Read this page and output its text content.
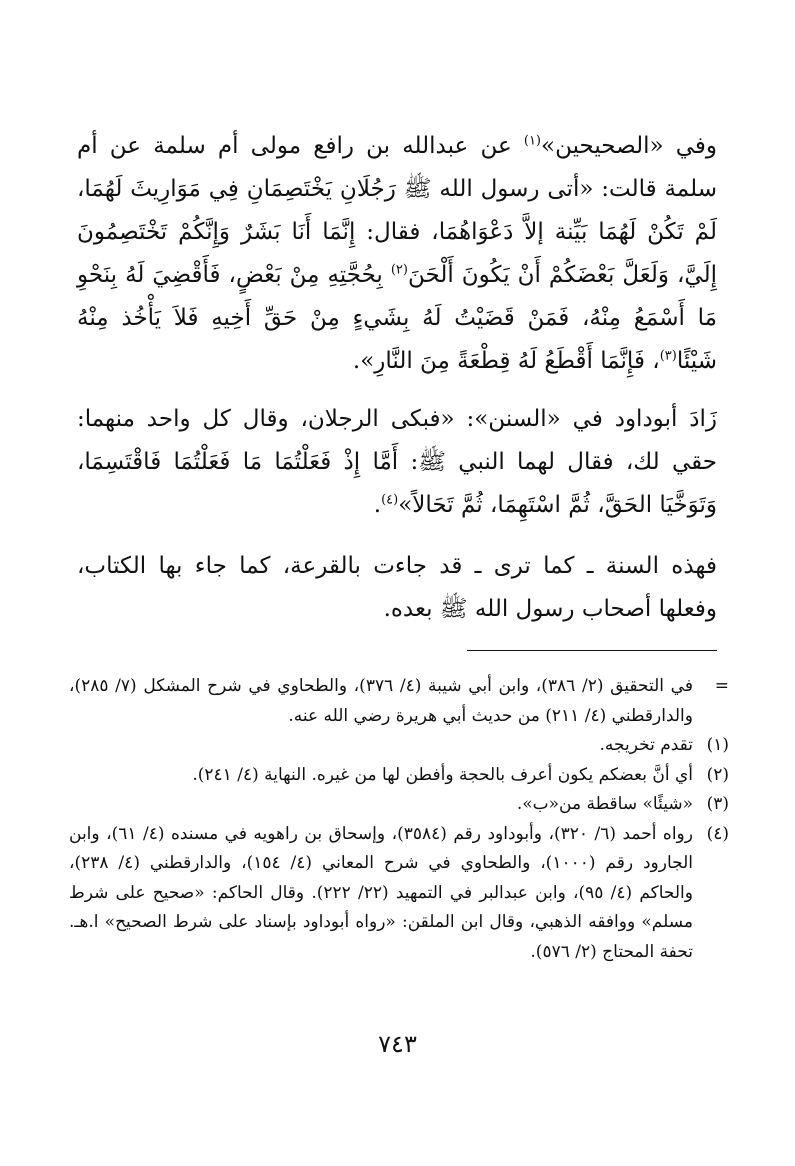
وفي «الصحيحين»$^{(١)}$ عن عبدالله بن رافع مولى أم سلمة عن أم سلمة قالت: «أتى رسول الله ﷺ رَجُلَانِ يَخْتَصِمَانِ فِي مَوَارِيثَ لَهُمَا، لَمْ تَكُنْ لَهُمَا بَيِّنة إلاَّ دَعْوَاهُمَا، فقال: إِنَّمَا أَنَا بَشَرٌ وَإِنَّكُمْ تَخْتَصِمُونَ إِلَيَّ، وَلَعَلَّ بَعْضَكُمْ أَنْ يَكُونَ أَلْحَنَ$^{(٢)}$ بِحُجَّتِهِ مِنْ بَعْضٍ، فَأَقْضِيَ لَهُ بِنَحْوِ مَا أَسْمَعُ مِنْهُ، فَمَنْ قَضَيْتُ لَهُ بِشَيءٍ مِنْ حَقِّ أَخِيهِ فَلاَ يَأْخُذ مِنْهُ شَيْئًا$^{(٣)}$، فَإِنَّمَا أَقْطَعُ لَهُ قِطْعَةً مِنَ النَّارِ».

زَادَ أبوداود في «السنن»: «فبكى الرجلان، وقال كل واحد منهما: حقي لك، فقال لهما النبي ﷺ: أَمَّا إِذْ فَعَلْتُمَا مَا فَعَلْتُمَا فَاقْتَسِمَا، وَتَوَخَّيَا الحَقَّ، ثُمَّ اسْتَهِمَا، ثُمَّ تَحَالاً»$^{(٤)}$.

فهذه السنة ـ كما ترى ـ قد جاءت بالقرعة، كما جاء بها الكتاب، وفعلها أصحاب رسول الله ﷺ بعده.

=
في التحقيق (٢/ ٣٨٦)، وابن أبي شيبة (٤/ ٣٧٦)، والطحاوي في شرح المشكل (٧/ ٢٨٥)، والدارقطني (٤/ ٢١١) من حديث أبي هريرة رضي الله عنه.
(١)
تقدم تخريجه.
(٢)
أي أنَّ بعضكم يكون أعرف بالحجة وأفطن لها من غيره. النهاية (٤/ ٢٤١).
(٣)
«شيئًا» ساقطة من«ب».
(٤)
رواه أحمد (٦/ ٣٢٠)، وأبوداود رقم (٣٥٨٤)، وإسحاق بن راهويه في مسنده (٤/ ٦١)، وابن الجارود رقم (١٠٠٠)، والطحاوي في شرح المعاني (٤/ ١٥٤)، والدارقطني (٤/ ٢٣٨)، والحاكم (٤/ ٩٥)، وابن عبدالبر في التمهيد (٢٢/ ٢٢٢). وقال الحاكم: «صحيح على شرط مسلم» ووافقه الذهبي، وقال ابن الملقن: «رواه أبوداود بإسناد على شرط الصحيح» ا.هـ. تحفة المحتاج (٢/ ٥٧٦).
٧٤٣
